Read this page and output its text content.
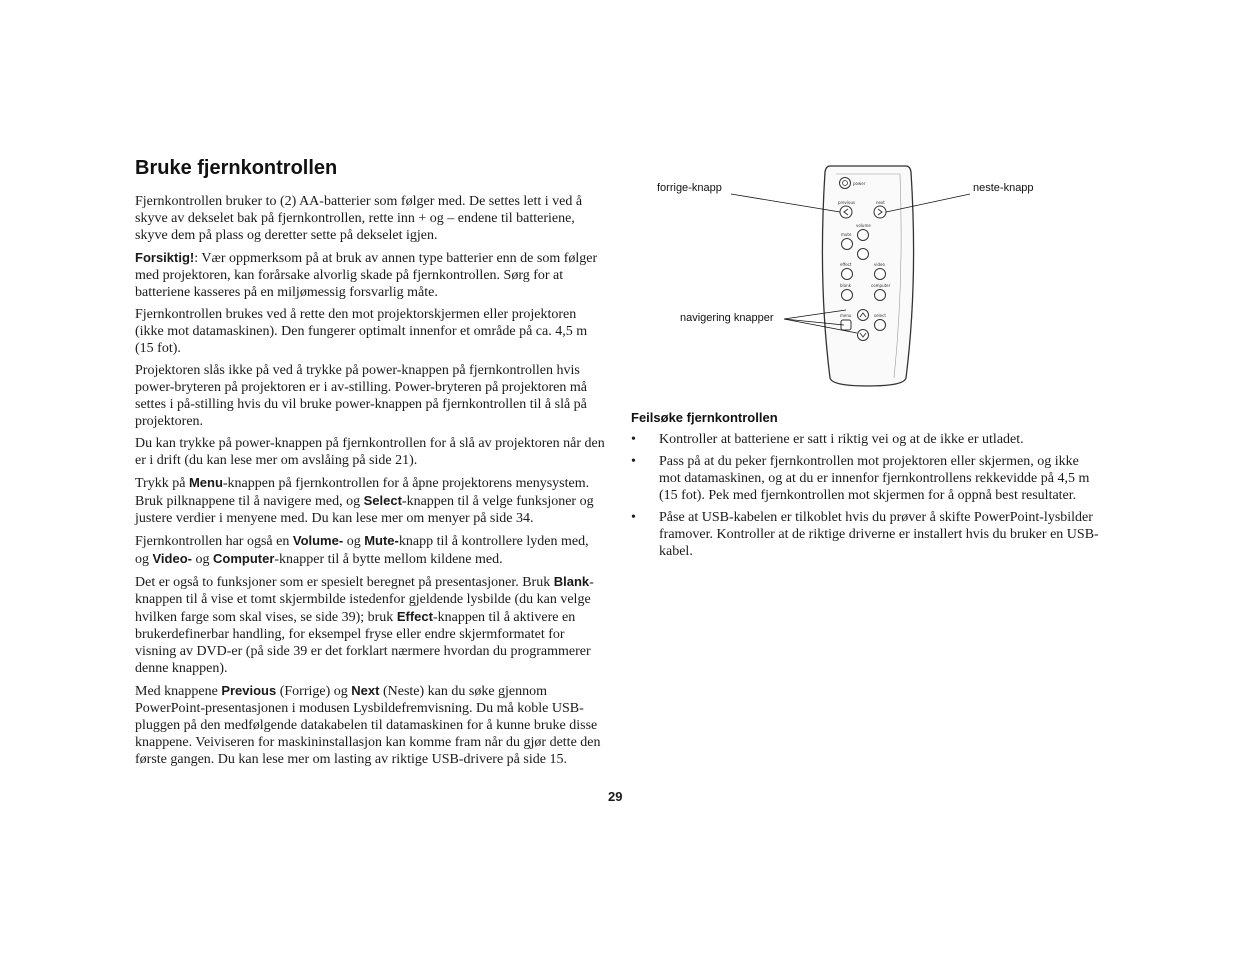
Bruke fjernkontrollen

Fjernkontrollen bruker to (2) AA-batterier som følger med. De settes lett i ved å skyve av dekselet bak på fjernkontrollen, rette inn + og – endene til batteriene, skyve dem på plass og deretter sette på dekselet igjen.

Forsiktig!: Vær oppmerksom på at bruk av annen type batterier enn de som følger med projektoren, kan forårsake alvorlig skade på fjernkontrollen. Sørg for at batteriene kasseres på en miljømessig forsvarlig måte.

Fjernkontrollen brukes ved å rette den mot projektorskjermen eller projektoren (ikke mot datamaskinen). Den fungerer optimalt innenfor et område på ca. 4,5 m (15 fot).

Projektoren slås ikke på ved å trykke på power-knappen på fjernkontrollen hvis power-bryteren på projektoren er i av-stilling. Power-bryteren på projektoren må settes i på-stilling hvis du vil bruke power-knappen på fjernkontrollen til å slå på projektoren.

Du kan trykke på power-knappen på fjernkontrollen for å slå av projektoren når den er i drift (du kan lese mer om avslåing på side 21).

Trykk på Menu-knappen på fjernkontrollen for å åpne projektorens menysystem. Bruk pilknappene til å navigere med, og Select-knappen til å velge funksjoner og justere verdier i menyene med. Du kan lese mer om menyer på side 34.

Fjernkontrollen har også en Volume- og Mute-knapp til å kontrollere lyden med, og Video- og Computer-knapper til å bytte mellom kildene med.

Det er også to funksjoner som er spesielt beregnet på presentasjoner. Bruk Blank-knappen til å vise et tomt skjermbilde istedenfor gjeldende lysbilde (du kan velge hvilken farge som skal vises, se side 39); bruk Effect-knappen til å aktivere en brukerdefinerbar handling, for eksempel fryse eller endre skjermformatet for visning av DVD-er (på side 39 er det forklart nærmere hvordan du programmerer denne knappen).

Med knappene Previous (Forrige) og Next (Neste) kan du søke gjennom PowerPoint-presentasjonen i modusen Lysbildefremvisning. Du må koble USB-pluggen på den medfølgende datakabelen til datamaskinen for å kunne bruke disse knappene. Veiviseren for maskininstallasjon kan komme fram når du gjør dette den første gangen. Du kan lese mer om lasting av riktige USB-drivere på side 15.

power
previous	next
volume
mute
effect	video
blank	computer
menu	select
forrige-knapp	neste-knapp
navigering knapper
Feilsøke fjernkontrollen
• Kontroller at batteriene er satt i riktig vei og at de ikke er utladet.
• Pass på at du peker fjernkontrollen mot projektoren eller skjermen, og ikke mot datamaskinen, og at du er innenfor fjernkontrollens rekkevidde på 4,5 m (15 fot). Pek med fjernkontrollen mot skjermen for å oppnå best resultater.
• Påse at USB-kabelen er tilkoblet hvis du prøver å skifte PowerPoint-lysbilder framover. Kontroller at de riktige driverne er installert hvis du bruker en USB-kabel.
29
